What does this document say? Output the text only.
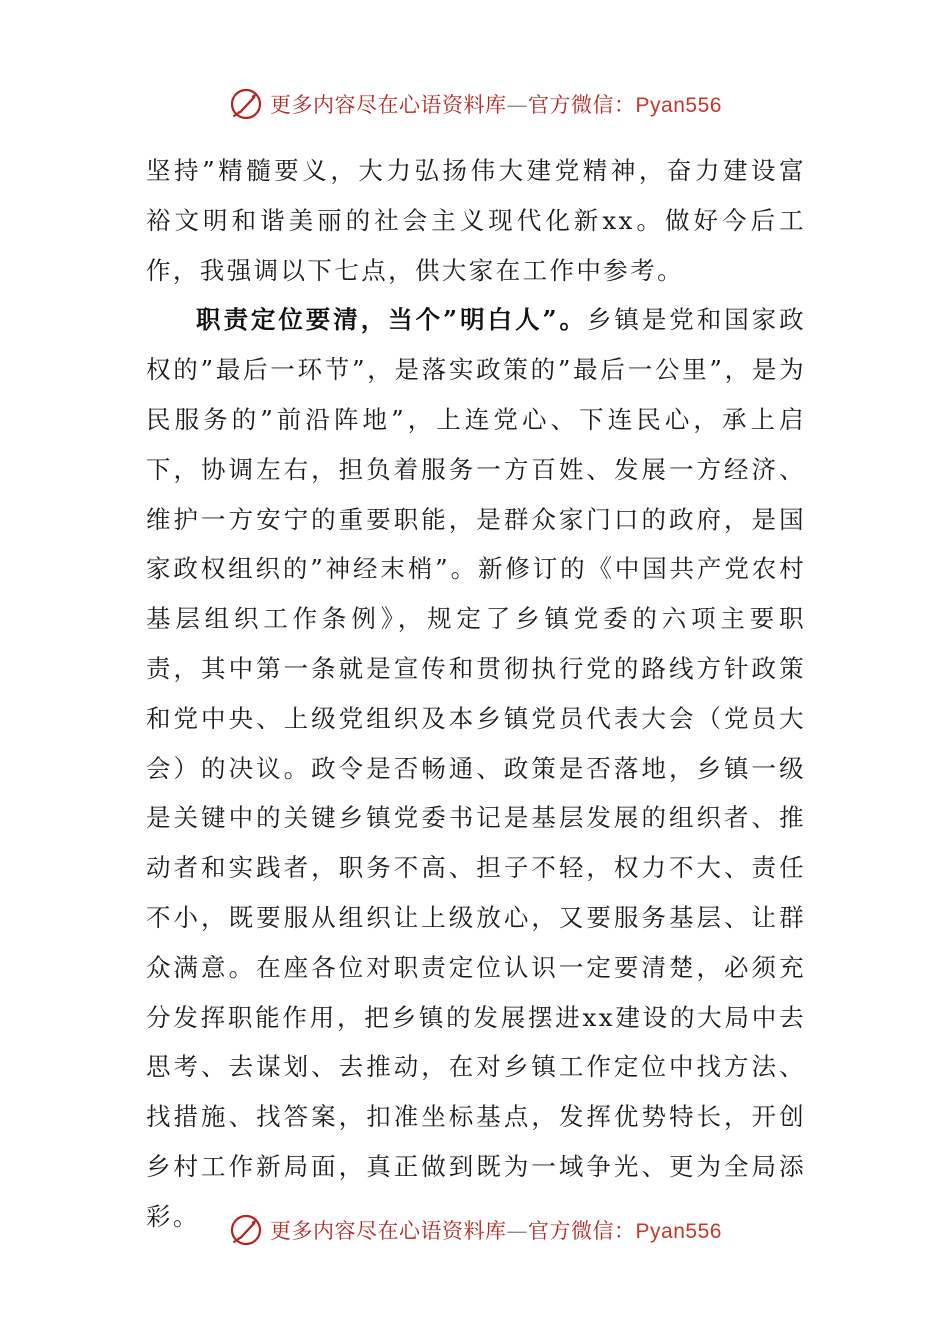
更多内容尽在心语资料库—官方微信：Pyan556

坚持”精髓要义，大力弘扬伟大建党精神，奋力建设富裕文明和谐美丽的社会主义现代化新xx。做好今后工作，我强调以下七点，供大家在工作中参考。

职责定位要清，当个”明白人”。乡镇是党和国家政权的”最后一环节”，是落实政策的”最后一公里”，是为民服务的”前沿阵地”，上连党心、下连民心，承上启下，协调左右，担负着服务一方百姓、发展一方经济、维护一方安宁的重要职能，是群众家门口的政府，是国家政权组织的”神经末梢”。新修订的《中国共产党农村基层组织工作条例》，规定了乡镇党委的六项主要职责，其中第一条就是宣传和贯彻执行党的路线方针政策和党中央、上级党组织及本乡镇党员代表大会（党员大会）的决议。政令是否畅通、政策是否落地，乡镇一级是关键中的关键乡镇党委书记是基层发展的组织者、推动者和实践者，职务不高、担子不轻，权力不大、责任不小，既要服从组织让上级放心，又要服务基层、让群众满意。在座各位对职责定位认识一定要清楚，必须充分发挥职能作用，把乡镇的发展摆进xx建设的大局中去思考、去谋划、去推动，在对乡镇工作定位中找方法、找措施、找答案，扣准坐标基点，发挥优势特长，开创乡村工作新局面，真正做到既为一域争光、更为全局添彩。

更多内容尽在心语资料库—官方微信：Pyan556
